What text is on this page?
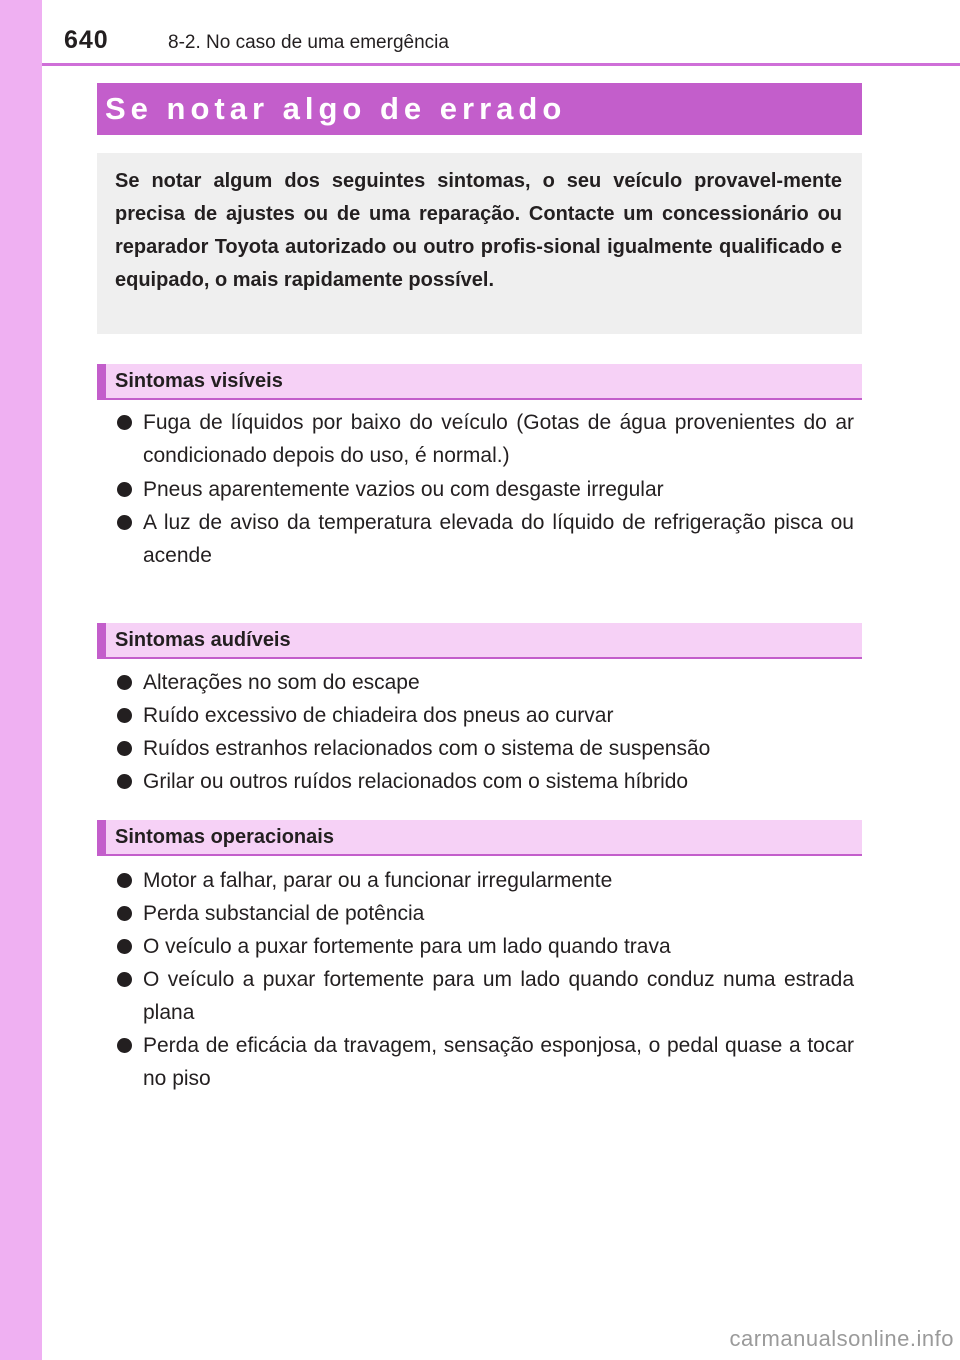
640	8-2. No caso de uma emergência
Se notar algo de errado

Se notar algum dos seguintes sintomas, o seu veículo provavel-mente precisa de ajustes ou de uma reparação. Contacte um concessionário ou reparador Toyota autorizado ou outro profis-sional igualmente qualificado e equipado, o mais rapidamente possível.

Sintomas visíveis
Fuga de líquidos por baixo do veículo (Gotas de água provenientes do ar condicionado depois do uso, é normal.)
Pneus aparentemente vazios ou com desgaste irregular
A luz de aviso da temperatura elevada do líquido de refrigeração pisca ou acende
Sintomas audíveis
Alterações no som do escape
Ruído excessivo de chiadeira dos pneus ao curvar
Ruídos estranhos relacionados com o sistema de suspensão
Grilar ou outros ruídos relacionados com o sistema híbrido
Sintomas operacionais
Motor a falhar, parar ou a funcionar irregularmente
Perda substancial de potência
O veículo a puxar fortemente para um lado quando trava
O veículo a puxar fortemente para um lado quando conduz numa estrada plana
Perda de eficácia da travagem, sensação esponjosa, o pedal quase a tocar no piso
carmanualsonline.info
